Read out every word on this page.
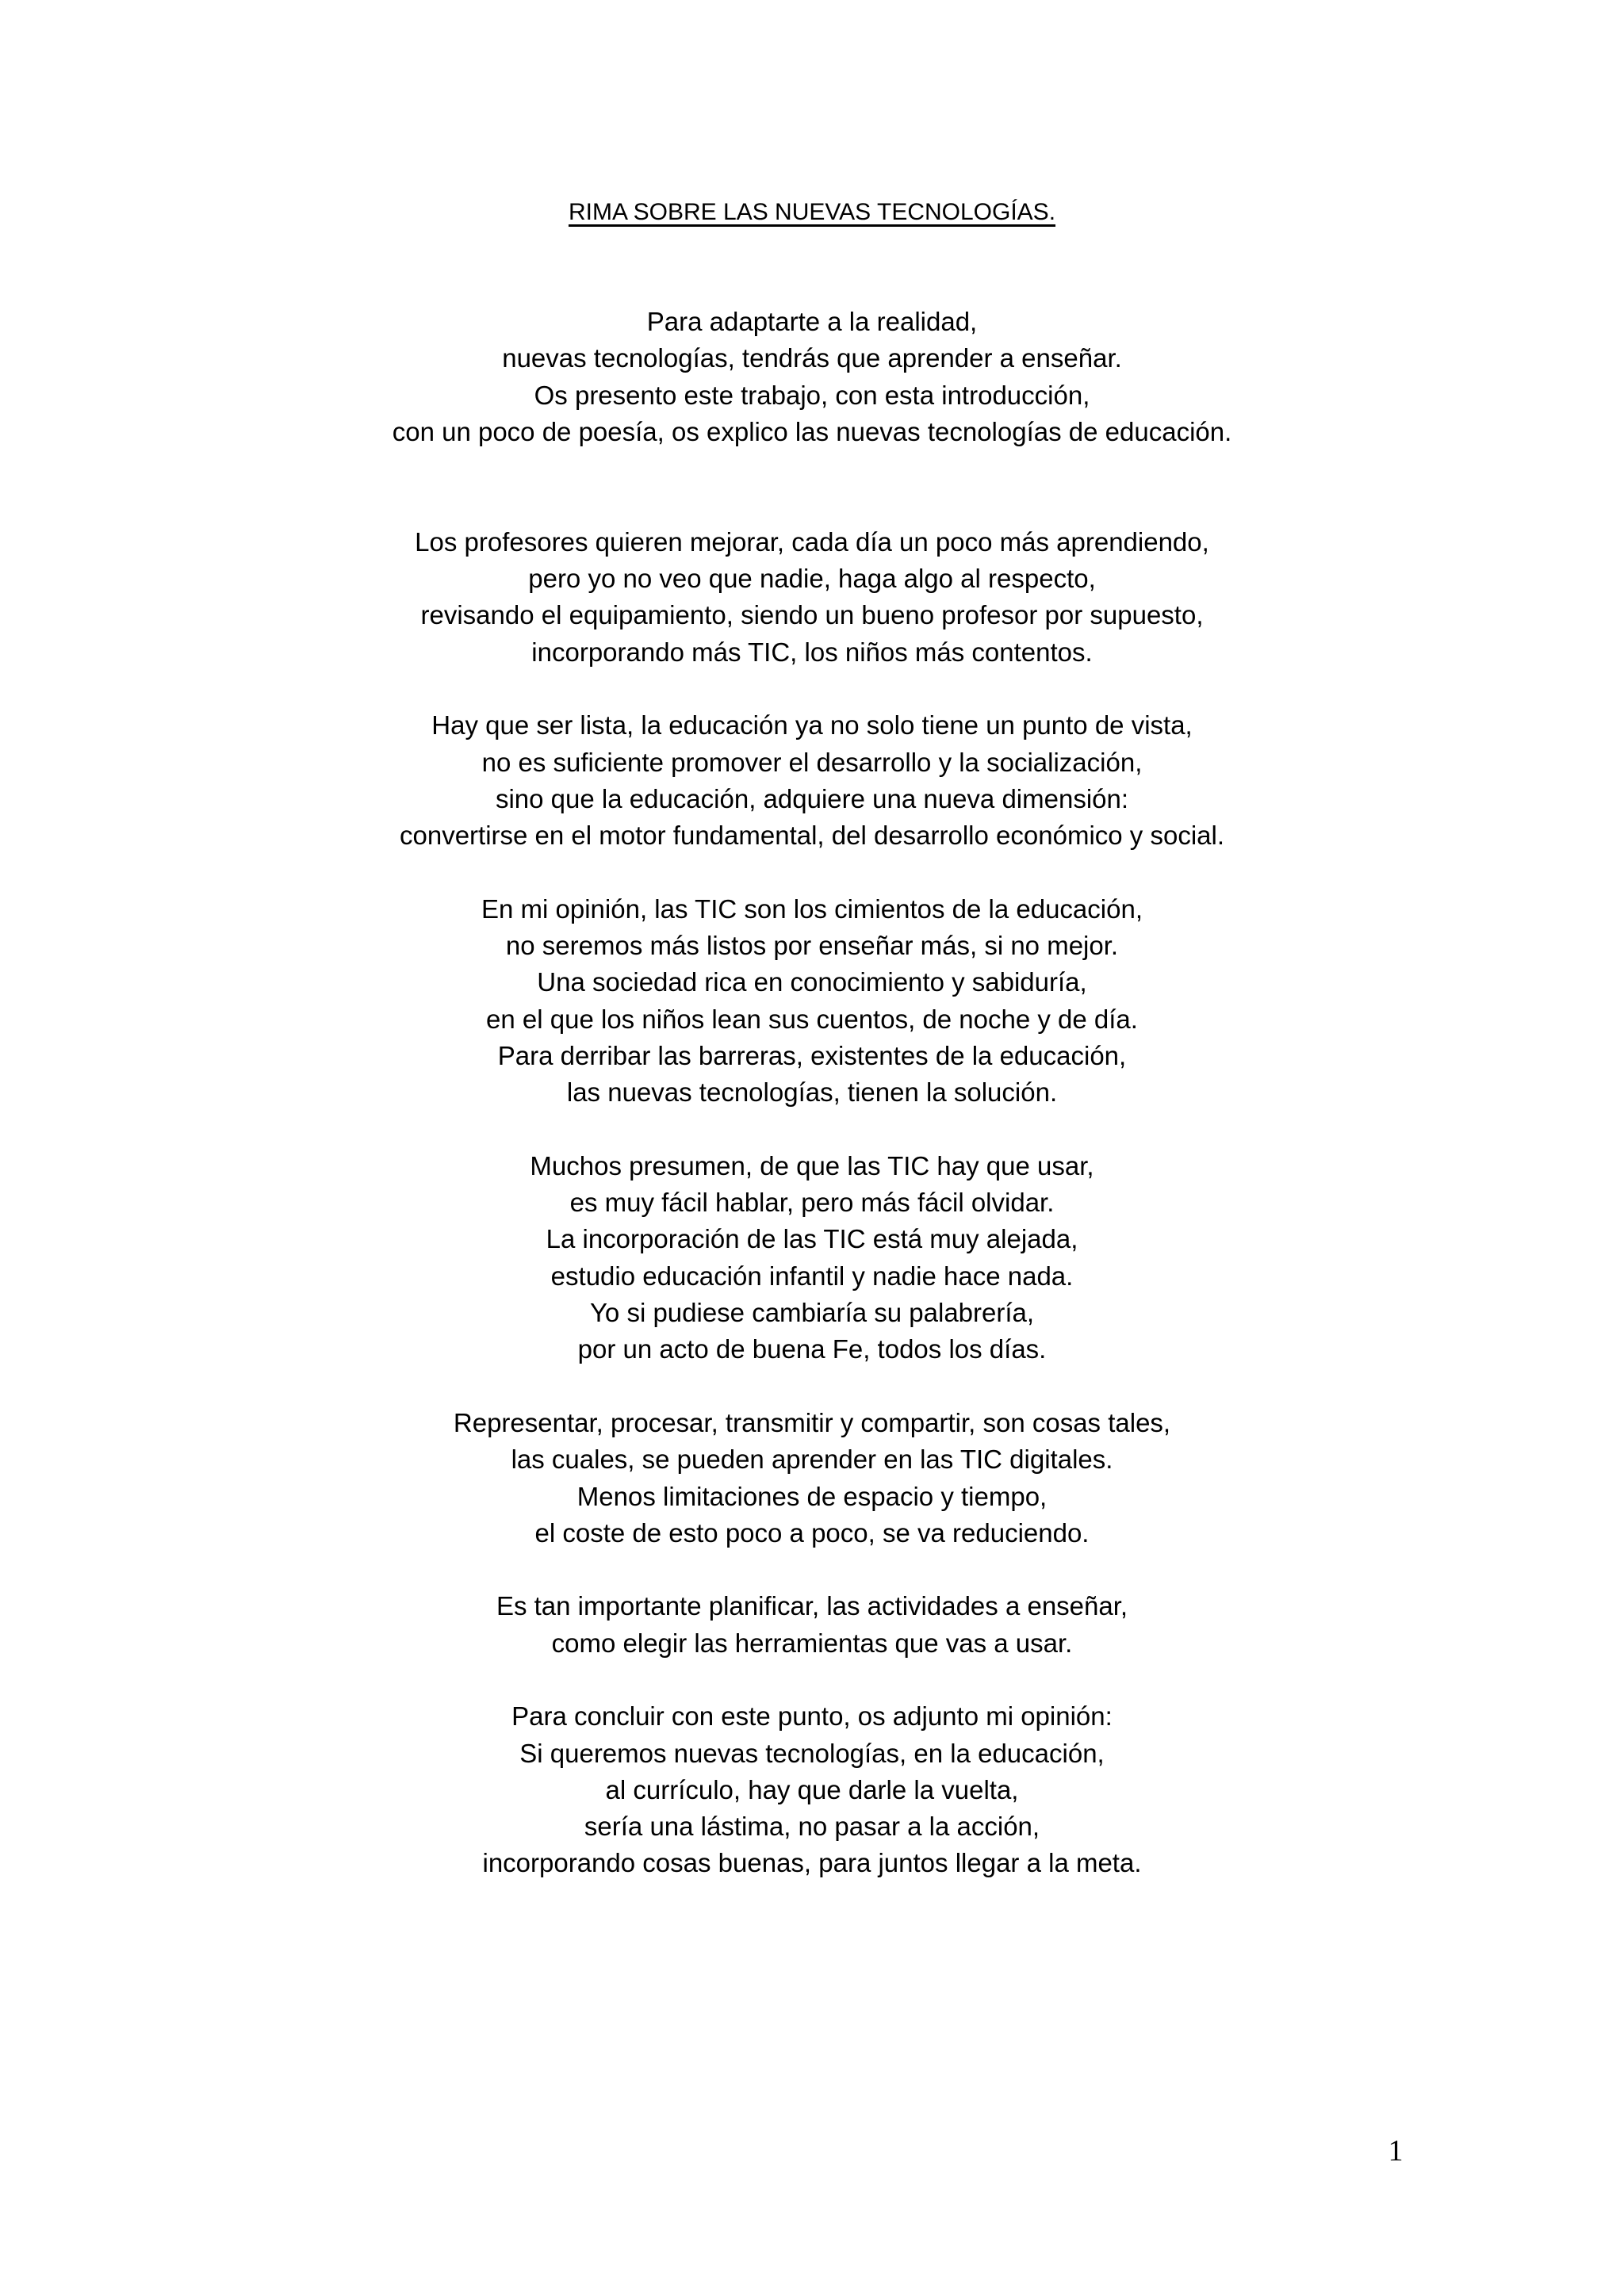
RIMA SOBRE LAS NUEVAS TECNOLOGÍAS.
Para adaptarte a la realidad,
nuevas tecnologías, tendrás que aprender a enseñar.
Os presento este trabajo, con esta introducción,
con un poco de poesía, os explico las nuevas tecnologías de educación.
Los profesores quieren mejorar, cada día un poco más aprendiendo,
pero yo no veo que nadie, haga algo al respecto,
revisando el equipamiento, siendo un bueno profesor por supuesto,
incorporando más TIC, los niños más contentos.
Hay que ser lista, la educación ya no solo tiene un punto de vista,
no es suficiente promover el desarrollo y la socialización,
sino que la educación, adquiere una nueva dimensión:
convertirse en el motor fundamental, del desarrollo económico y social.
En mi opinión, las TIC son los cimientos de la educación,
no seremos más listos por enseñar más, si no mejor.
Una sociedad rica en conocimiento y sabiduría,
en el que los niños lean sus cuentos, de noche y de día.
Para derribar las barreras, existentes de la educación,
las nuevas tecnologías, tienen la solución.
Muchos presumen, de que las TIC hay que usar,
es muy fácil hablar, pero más fácil olvidar.
La incorporación de las TIC está muy alejada,
estudio educación infantil y nadie hace nada.
Yo si pudiese cambiaría su palabrería,
por un acto de buena Fe, todos los días.
Representar, procesar, transmitir y compartir, son cosas tales,
las cuales, se pueden aprender en las TIC digitales.
Menos limitaciones de espacio y tiempo,
el coste de esto poco a poco, se va reduciendo.
Es tan importante planificar, las actividades a enseñar,
como elegir las herramientas que vas a usar.
Para concluir con este punto, os adjunto mi opinión:
Si queremos nuevas tecnologías, en la educación,
al currículo, hay que darle la vuelta,
sería una lástima, no pasar a la acción,
incorporando cosas buenas, para juntos llegar a la meta.
1
